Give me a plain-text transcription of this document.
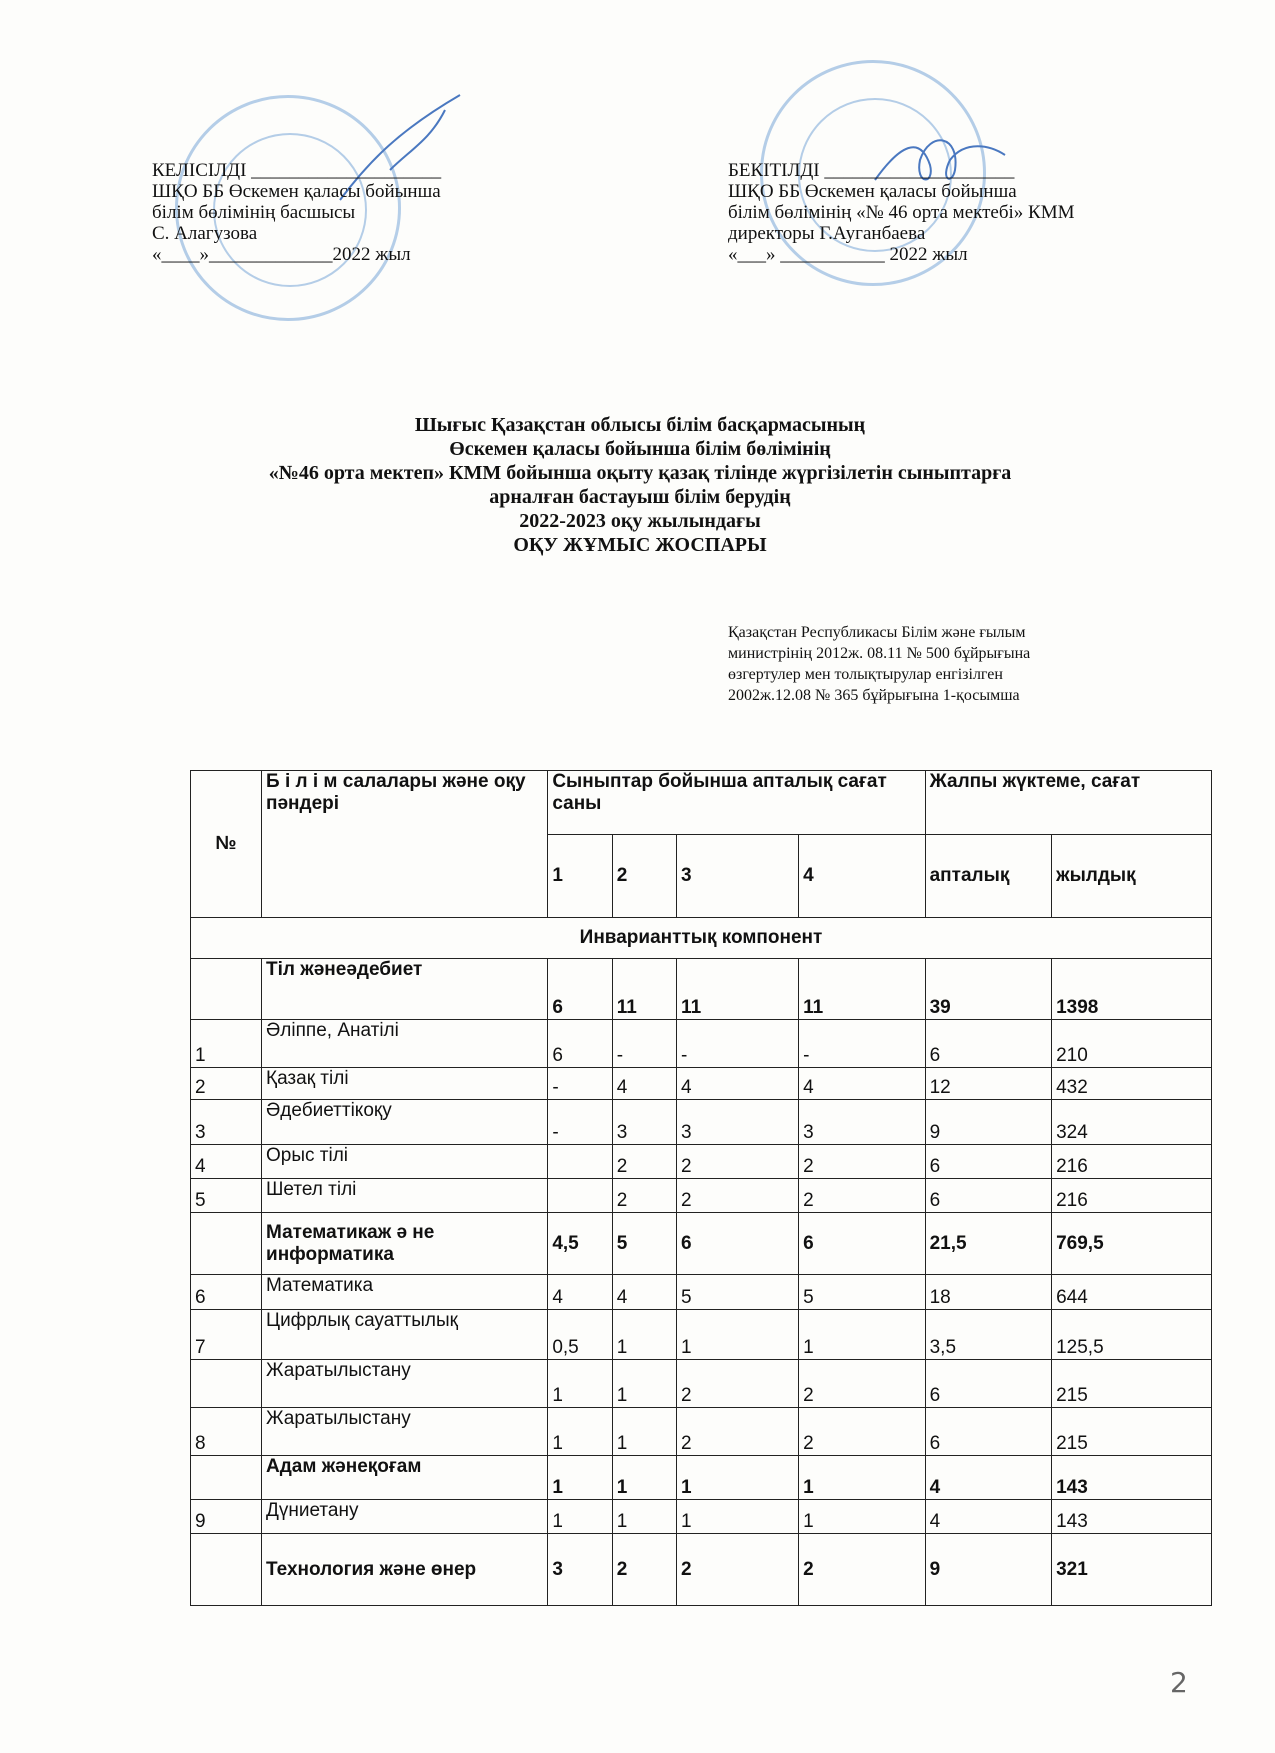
КЕЛІСІЛДІ ____________________
ШҚО ББ Өскемен қаласы бойынша
білім бөлімінің басшысы
С. Алагузова
«____»_____________2022 жыл
БЕКІТІЛДІ ____________________
ШҚО ББ Өскемен қаласы бойынша
білім бөлімінің «№ 46 орта мектебі» КММ
директоры Г.Ауганбаева
«___» ___________ 2022 жыл
Шығыс Қазақстан облысы білім басқармасының
Өскемен қаласы бойынша білім бөлімінің
«№46 орта мектеп» КММ бойынша оқыту қазақ тілінде жүргізілетін сыныптарға
арналған бастауыш білім берудің
2022-2023 оқу жылындағы
ОҚУ ЖҰМЫС ЖОСПАРЫ
Қазақстан Республикасы Білім және ғылым
министрінің 2012ж. 08.11 № 500 бұйрығына
өзгертулер мен толықтырулар енгізілген
2002ж.12.08 № 365 бұйрығына 1-қосымша
№	Б і л і м салалары және оқу пәндері	Сыныптар бойынша апталық сағат саны				Жалпы жүктеме, сағат	
		1	2	3	4	апталық	жылдық
Инварианттық компонент							
	Тіл жәнеәдебиет	6	11	11	11	39	1398
1	Әліппе, Анатілі	6	-	-	-	6	210
2	Қазақ тілі	-	4	4	4	12	432
3	Әдебиеттікоқу	-	3	3	3	9	324
4	Орыс тілі		2	2	2	6	216
5	Шетел тілі		2	2	2	6	216
	Математикаж ә не информатика	4,5	5	6	6	21,5	769,5
6	Математика	4	4	5	5	18	644
7	Цифрлық сауаттылық	0,5	1	1	1	3,5	125,5
	Жаратылыстану	1	1	2	2	6	215
8	Жаратылыстану	1	1	2	2	6	215
	Адам жәнеқоғам	1	1	1	1	4	143
9	Дүниетану	1	1	1	1	4	143
	Технология және өнер	3	2	2	2	9	321
2
